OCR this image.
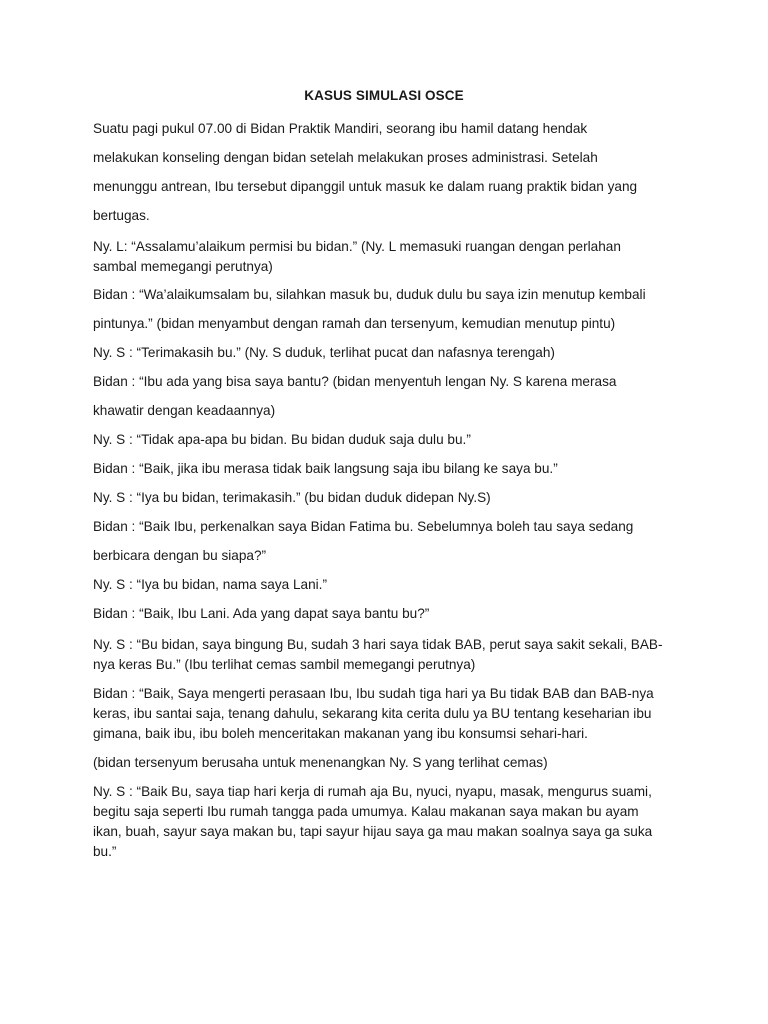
KASUS SIMULASI OSCE

Suatu pagi pukul 07.00 di Bidan Praktik Mandiri, seorang ibu hamil datang hendak
melakukan konseling dengan bidan setelah melakukan proses administrasi. Setelah
menunggu antrean, Ibu tersebut dipanggil untuk masuk ke dalam ruang praktik bidan yang
bertugas.

Ny. L: “Assalamu’alaikum permisi bu bidan.” (Ny. L memasuki ruangan dengan perlahan
sambal memegangi perutnya)

Bidan : “Wa’alaikumsalam bu, silahkan masuk bu, duduk dulu bu saya izin menutup kembali
pintunya.” (bidan menyambut dengan ramah dan tersenyum, kemudian menutup pintu)

Ny. S : “Terimakasih bu.” (Ny. S duduk, terlihat pucat dan nafasnya terengah)

Bidan : “Ibu ada yang bisa saya bantu? (bidan menyentuh lengan Ny. S karena merasa
khawatir dengan keadaannya)

Ny. S : “Tidak apa-apa bu bidan. Bu bidan duduk saja dulu bu.”

Bidan : “Baik, jika ibu merasa tidak baik langsung saja ibu bilang ke saya bu.”

Ny. S : “Iya bu bidan, terimakasih.” (bu bidan duduk didepan Ny.S)

Bidan : “Baik Ibu, perkenalkan saya Bidan Fatima bu. Sebelumnya boleh tau saya sedang
berbicara dengan bu siapa?”

Ny. S : “Iya bu bidan, nama saya Lani.”

Bidan : “Baik, Ibu Lani. Ada yang dapat saya bantu bu?”

Ny. S : “Bu bidan, saya bingung Bu, sudah 3 hari saya tidak BAB, perut saya sakit sekali, BAB-
nya keras Bu.” (Ibu terlihat cemas sambil memegangi perutnya)

Bidan : “Baik, Saya mengerti perasaan Ibu, Ibu sudah tiga hari ya Bu tidak BAB dan BAB-nya
keras, ibu santai saja, tenang dahulu, sekarang kita cerita dulu ya BU tentang keseharian ibu
gimana, baik ibu, ibu boleh menceritakan makanan yang ibu konsumsi sehari-hari.

(bidan tersenyum berusaha untuk menenangkan Ny. S yang terlihat cemas)

Ny. S : “Baik Bu, saya tiap hari kerja di rumah aja Bu, nyuci, nyapu, masak, mengurus suami,
begitu saja seperti Ibu rumah tangga pada umumya. Kalau makanan saya makan bu ayam
ikan, buah, sayur saya makan bu, tapi sayur hijau saya ga mau makan soalnya saya ga suka
bu.”
